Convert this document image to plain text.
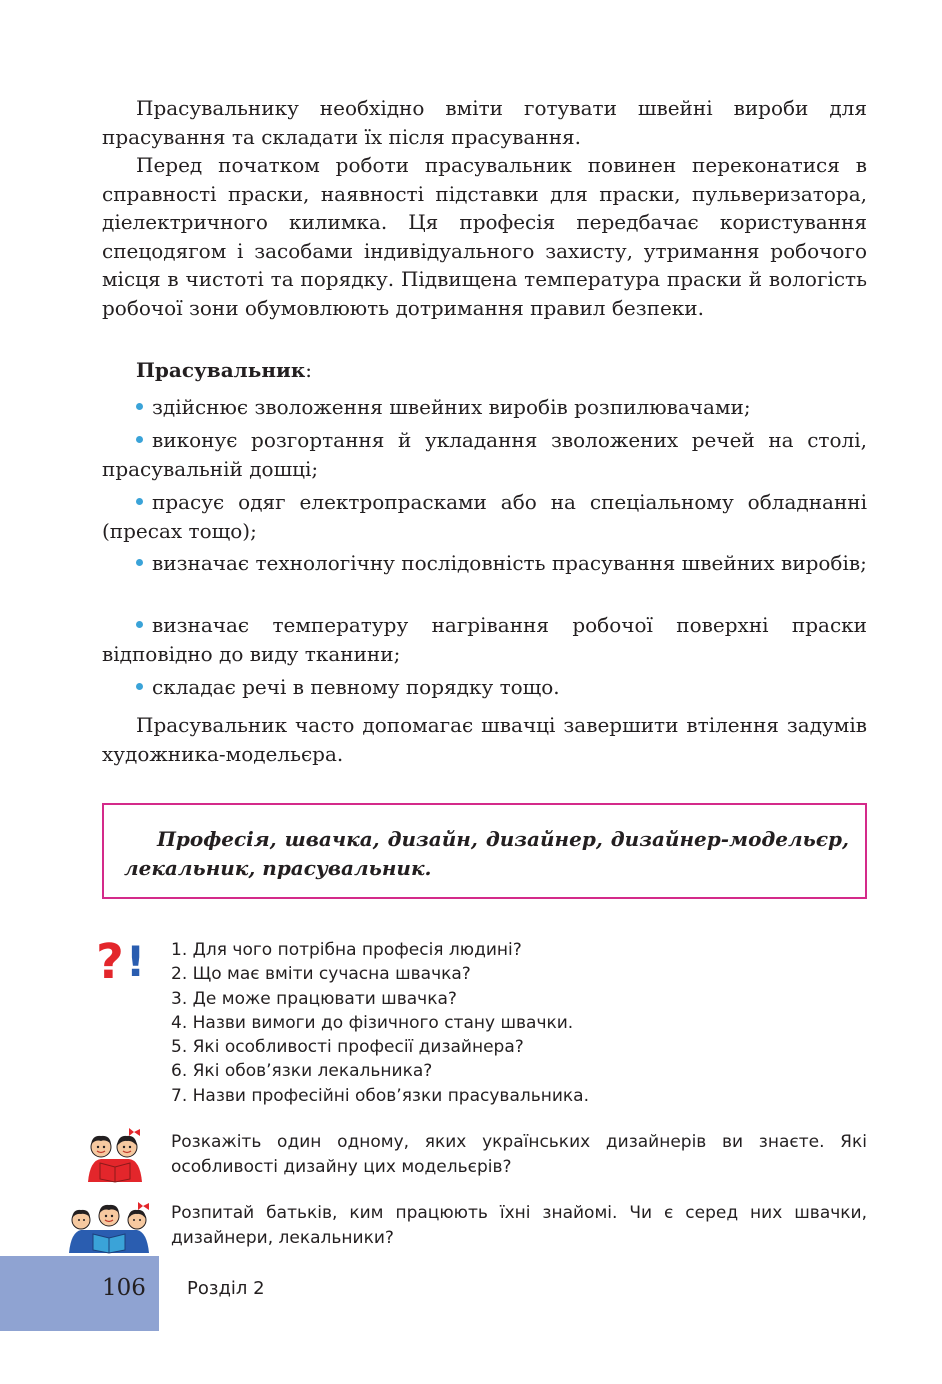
Прасувальнику необхідно вміти готувати швейні вироби для прасування та складати їх після прасування.

Перед початком роботи прасувальник повинен переконатися в справності праски, наявності підставки для праски, пульверизатора, діелектричного килимка. Ця професія передбачає користування спецодягом і засобами індивідуального захисту, утримання робочого місця в чистоті та порядку. Підвищена температура праски й вологість робочої зони обумовлюють дотримання правил безпеки.

Прасувальник:

здійснює зволоження швейних виробів розпилювачами;

виконує розгортання й укладання зволожених речей на столі, прасувальній дошці;

прасує одяг електропрасками або на спеціальному обладнанні (пресах тощо);

визначає технологічну послідовність прасування швейних виробів;

визначає температуру нагрівання робочої поверхні праски відповідно до виду тканини;

складає речі в певному порядку тощо.

Прасувальник часто допомагає швачці завершити втілення задумів художника-модельєра.

Професія, швачка, дизайн, дизайнер, дизайнер-модельєр, лекальник, прасувальник.
? ! 1. Для чого потрібна професія людині?
2. Що має вміти сучасна швачка?
3. Де може працювати швачка?
4. Назви вимоги до фізичного стану швачки.
5. Які особливості професії дизайнера?
6. Які обов’язки лекальника?
7. Назви професійні обов’язки прасувальника.

Розкажіть один одному, яких українських дизайнерів ви знаєте. Які особливості дизайну цих модельєрів?

Розпитай батьків, ким працюють їхні знайомі. Чи є серед них швачки, дизайнери, лекальники?

106 Розділ 2
